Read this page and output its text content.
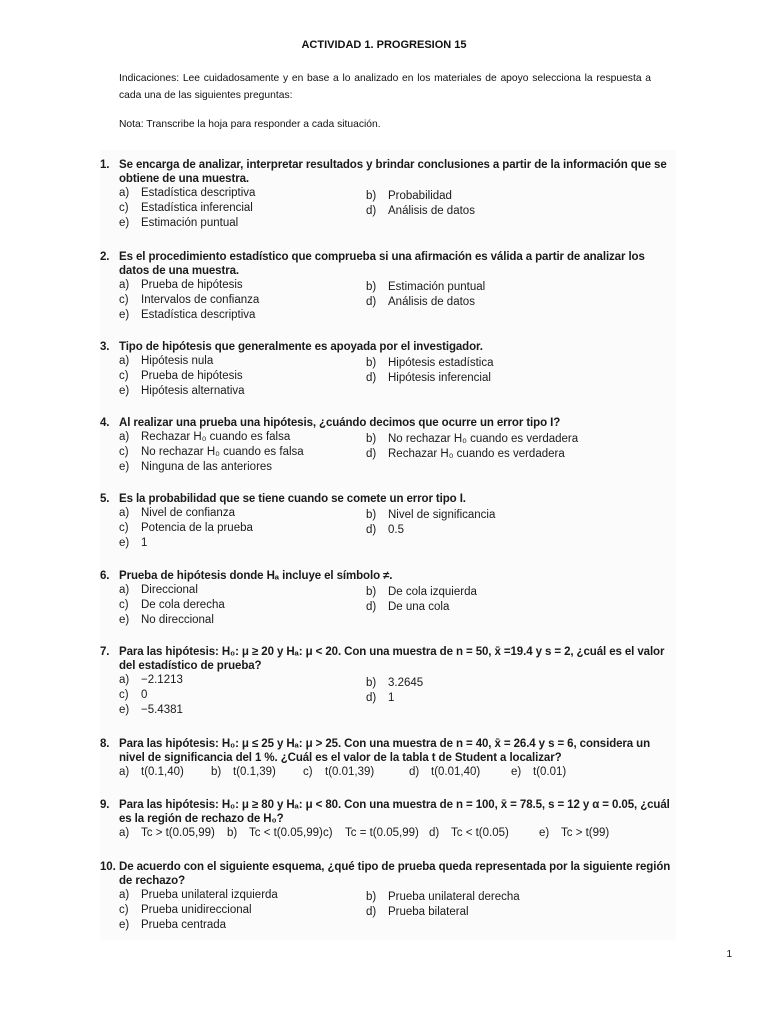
ACTIVIDAD 1. PROGRESION 15
Indicaciones: Lee cuidadosamente y en base a lo analizado en los materiales de apoyo selecciona la respuesta a cada una de las siguientes preguntas:
Nota: Transcribe la hoja para responder a cada situación.
1. Se encarga de analizar, interpretar resultados y brindar conclusiones a partir de la información que se obtiene de una muestra.
a) Estadística descriptiva	b) Probabilidad
c) Estadística inferencial	d) Análisis de datos
e) Estimación puntual
2. Es el procedimiento estadístico que comprueba si una afirmación es válida a partir de analizar los datos de una muestra.
a) Prueba de hipótesis	b) Estimación puntual
c) Intervalos de confianza	d) Análisis de datos
e) Estadística descriptiva
3. Tipo de hipótesis que generalmente es apoyada por el investigador.
a) Hipótesis nula	b) Hipótesis estadística
c) Prueba de hipótesis	d) Hipótesis inferencial
e) Hipótesis alternativa
4. Al realizar una prueba una hipótesis, ¿cuándo decimos que ocurre un error tipo I?
a) Rechazar H₀ cuando es falsa	b) No rechazar H₀ cuando es verdadera
c) No rechazar H₀ cuando es falsa	d) Rechazar H₀ cuando es verdadera
e) Ninguna de las anteriores
5. Es la probabilidad que se tiene cuando se comete un error tipo I.
a) Nivel de confianza	b) Nivel de significancia
c) Potencia de la prueba	d) 0.5
e) 1
6. Prueba de hipótesis donde Hₐ incluye el símbolo ≠.
a) Direccional	b) De cola izquierda
c) De cola derecha	d) De una cola
e) No direccional
7. Para las hipótesis: H₀: μ ≥ 20 y Hₐ: μ < 20. Con una muestra de n = 50, x̄ =19.4 y s = 2, ¿cuál es el valor del estadístico de prueba?
a) −2.1213	b) 3.2645
c) 0	d) 1
e) −5.4381
8. Para las hipótesis: H₀: μ ≤ 25 y Hₐ: μ > 25. Con una muestra de n = 40, x̄ = 26.4 y s = 6, considera un nivel de significancia del 1 %. ¿Cuál es el valor de la tabla t de Student a localizar?
a) t(0.1,40) b) t(0.1,39) c) t(0.01,39)	d) t(0.01,40)	e) t(0.01)
9. Para las hipótesis: H₀: μ ≥ 80 y Hₐ: μ < 80. Con una muestra de n = 100, x̄ = 78.5, s = 12 y α = 0.05, ¿cuál es la región de rechazo de H₀?
a) Tc > t(0.05,99) b) Tc < t(0.05,99) c) Tc = t(0.05,99) d) Tc < t(0.05)	e) Tc > t(99)
10. De acuerdo con el siguiente esquema, ¿qué tipo de prueba queda representada por la siguiente región de rechazo?
a) Prueba unilateral izquierda	b) Prueba unilateral derecha
c) Prueba unidireccional	d) Prueba bilateral
e) Prueba centrada
1
